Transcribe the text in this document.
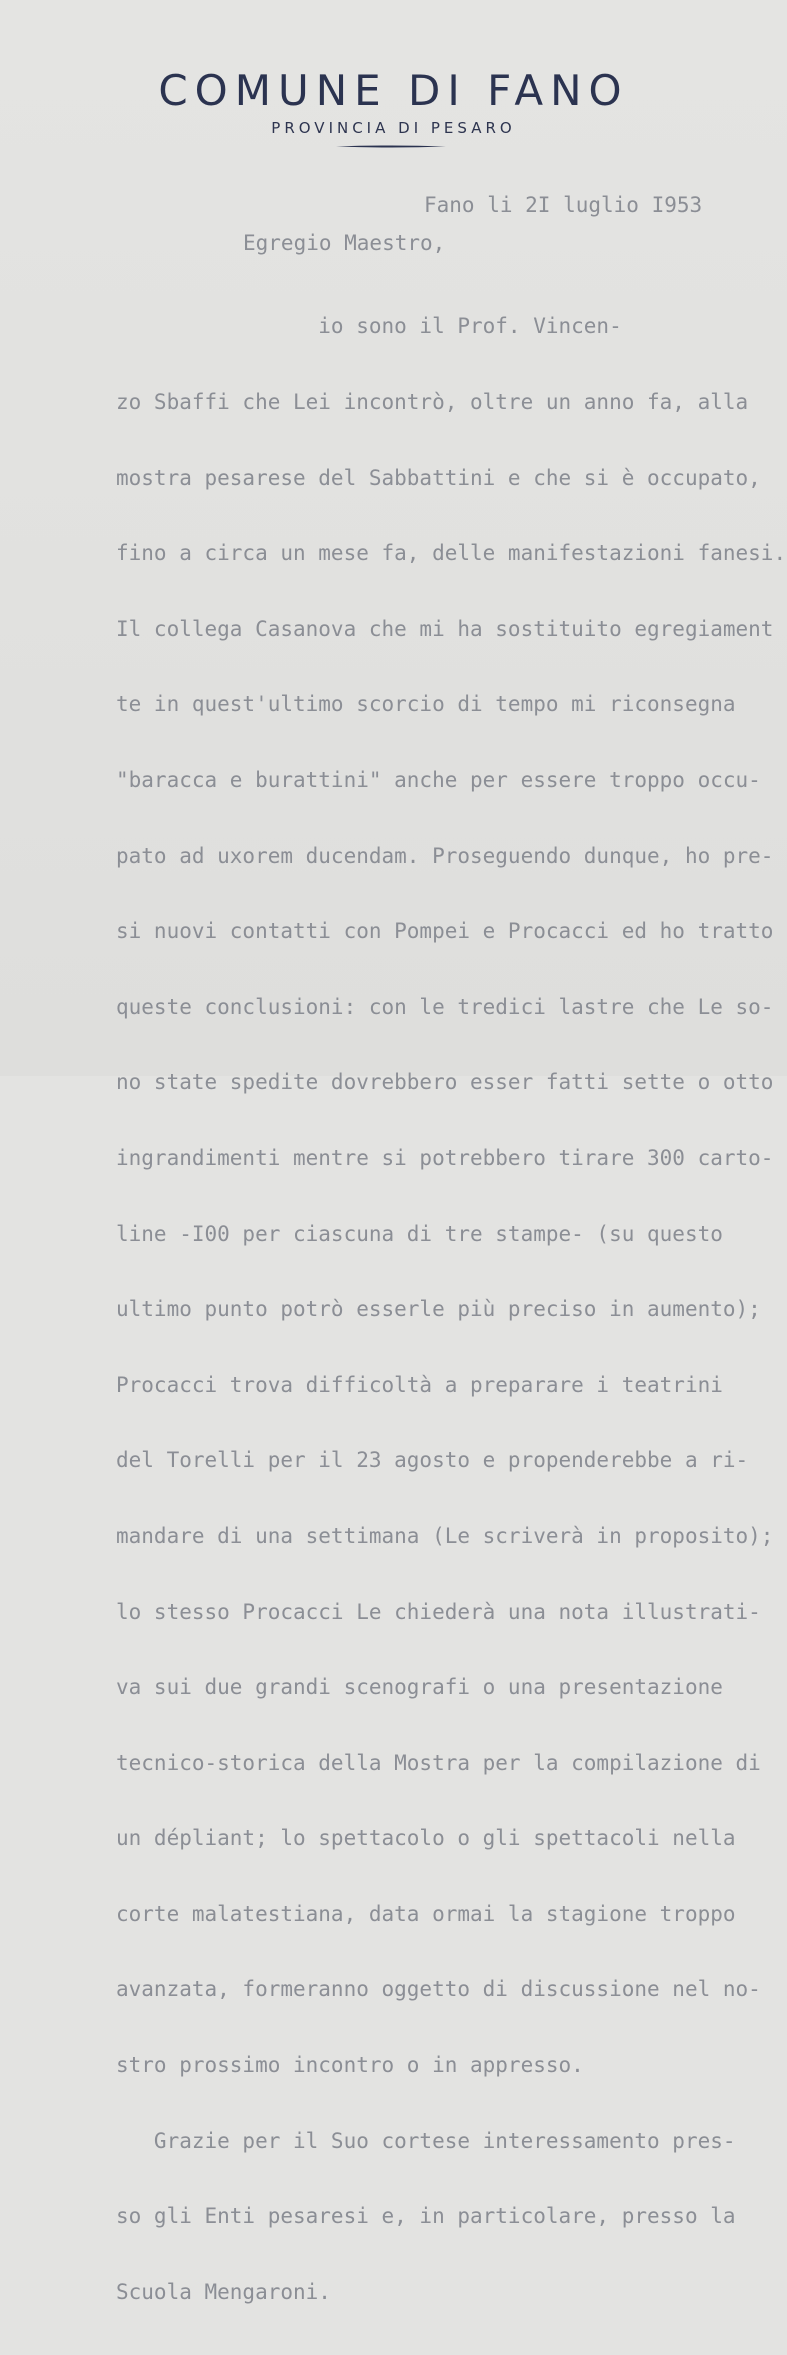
COMUNE DI FANO
PROVINCIA DI PESARO
Fano li 2I luglio I953
Egregio Maestro,

io sono il Prof. Vincen-

zo Sbaffi che Lei incontrò, oltre un anno fa, alla

mostra pesarese del Sabbattini e che si è occupato,

fino a circa un mese fa, delle manifestazioni fanesi.

Il collega Casanova che mi ha sostituito egregiament

te in quest'ultimo scorcio di tempo mi riconsegna

"baracca e burattini" anche per essere troppo occu-

pato ad uxorem ducendam. Proseguendo dunque, ho pre-

si nuovi contatti con Pompei e Procacci ed ho tratto

queste conclusioni: con le tredici lastre che Le so-

no state spedite dovrebbero esser fatti sette o otto

ingrandimenti mentre si potrebbero tirare 300 carto-

line -I00 per ciascuna di tre stampe- (su questo

ultimo punto potrò esserle più preciso in aumento);

Procacci trova difficoltà a preparare i teatrini

del Torelli per il 23 agosto e propenderebbe a ri-

mandare di una settimana (Le scriverà in proposito);

lo stesso Procacci Le chiederà una nota illustrati-

va sui due grandi scenografi o una presentazione

tecnico-storica della Mostra per la compilazione di

un dépliant; lo spettacolo o gli spettacoli nella

corte malatestiana, data ormai la stagione troppo

avanzata, formeranno oggetto di discussione nel no-

stro prossimo incontro o in appresso.

Grazie per il Suo cortese interessamento pres-

so gli Enti pesaresi e, in particolare, presso la

Scuola Mengaroni.
